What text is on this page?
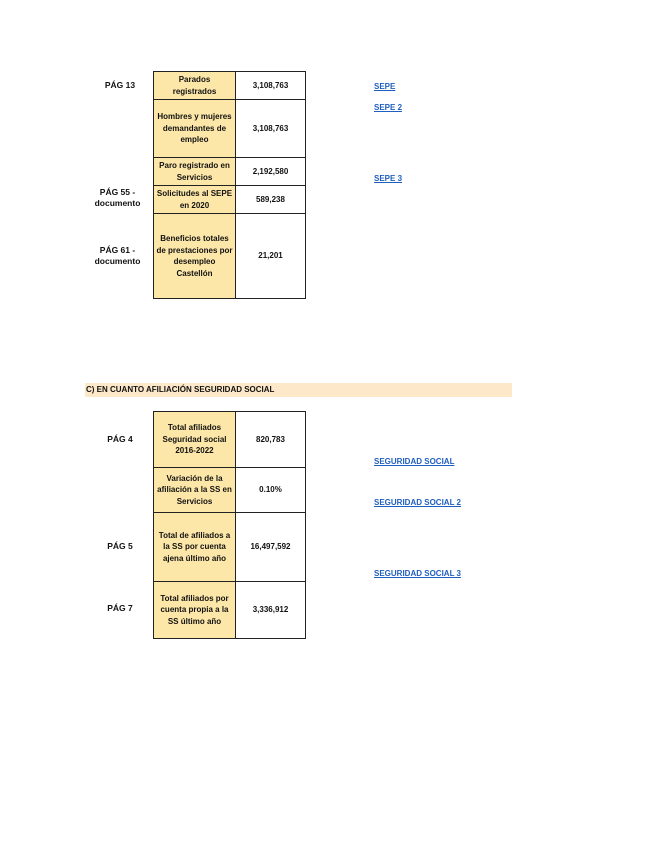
PÁG 13
PÁG 55 - documento
PÁG 61 - documento
Parados registrados	3,108,763
Hombres y mujeres demandantes de empleo	3,108,763
Paro registrado en Servicios	2,192,580
Solicitudes al SEPE en 2020	589,238
Beneficios totales de prestaciones por desempleo Castellón	21,201
SEPE
SEPE 2
SEPE 3
C) EN CUANTO AFILIACIÓN SEGURIDAD SOCIAL
PÁG 4
PÁG 5
PÁG 7
Total afiliados Seguridad social 2016-2022	820,783
Variación de la afiliación a la SS en Servicios	0.10%
Total de afiliados a la SS por cuenta ajena último año	16,497,592
Total afiliados por cuenta propia a la SS último año	3,336,912
SEGURIDAD SOCIAL
SEGURIDAD SOCIAL 2
SEGURIDAD SOCIAL 3
